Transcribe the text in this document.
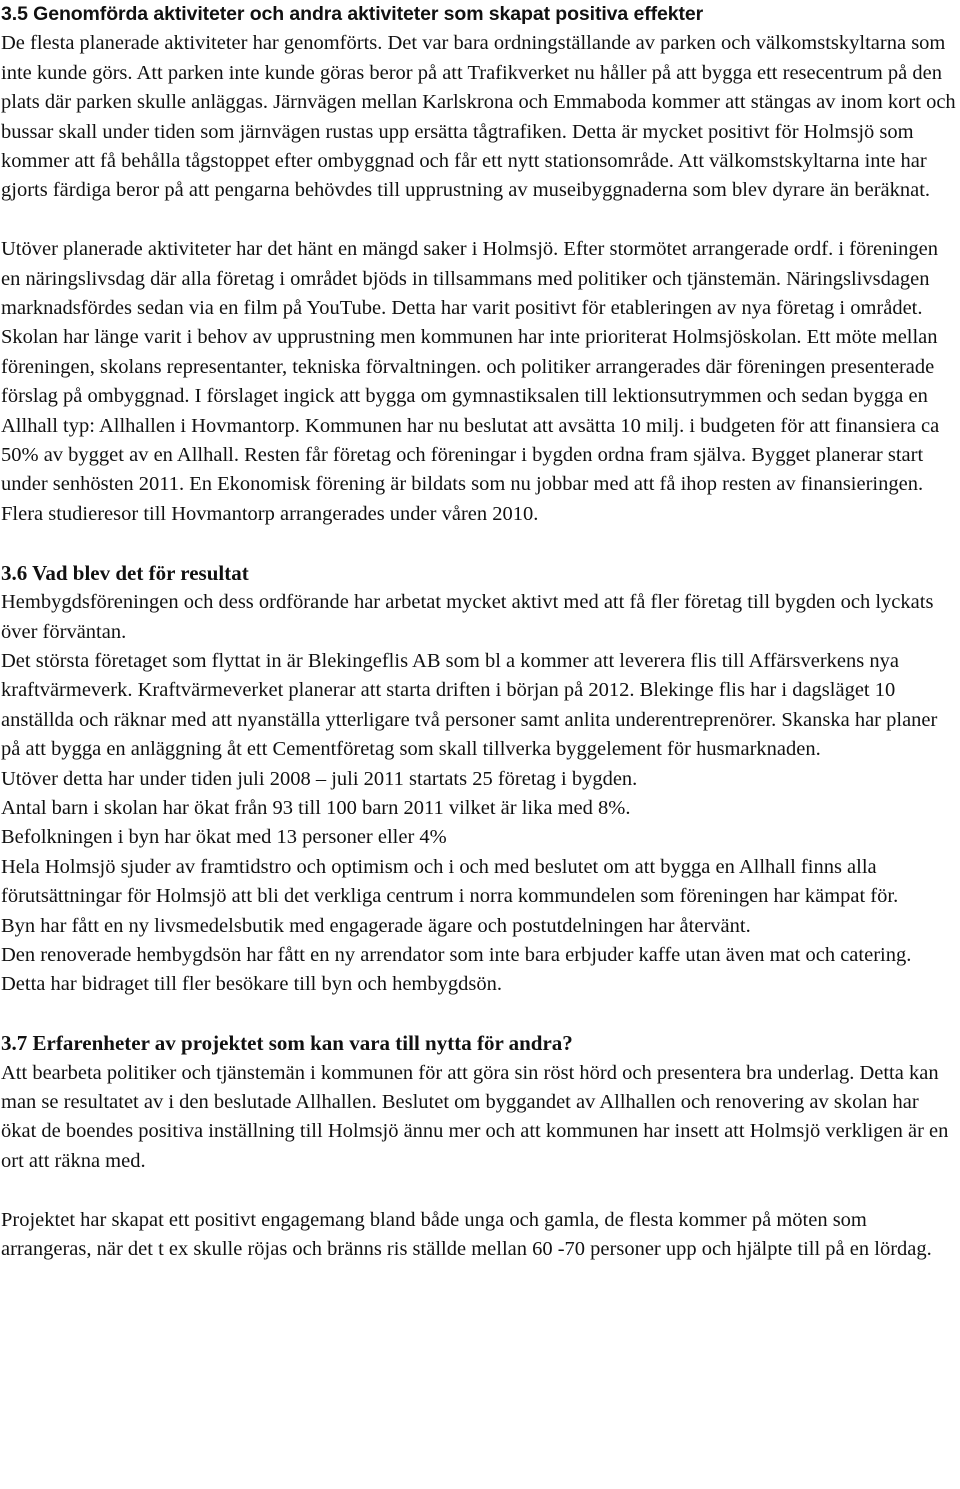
3.5 Genomförda aktiviteter och andra aktiviteter som skapat positiva effekter

De flesta planerade aktiviteter har genomförts. Det var bara ordningställande av parken och välkomstskyltarna som inte kunde görs. Att parken inte kunde göras beror på att Trafikverket nu håller på att bygga ett resecentrum på den plats där parken skulle anläggas. Järnvägen mellan Karlskrona och Emmaboda kommer att stängas av inom kort och bussar skall under tiden som järnvägen rustas upp ersätta tågtrafiken. Detta är mycket positivt för Holmsjö som kommer att få behålla tågstoppet efter ombyggnad och får ett nytt stationsområde. Att välkomstskyltarna inte har gjorts färdiga beror på att pengarna behövdes till upprustning av museibyggnaderna som blev dyrare än beräknat.

Utöver planerade aktiviteter har det hänt en mängd saker i Holmsjö. Efter stormötet arrangerade ordf. i föreningen en näringslivsdag där alla företag i området bjöds in tillsammans med politiker och tjänstemän. Näringslivsdagen marknadsfördes sedan via en film på YouTube. Detta har varit positivt för etableringen av nya företag i området. Skolan har länge varit i behov av upprustning men kommunen har inte prioriterat Holmsjöskolan. Ett möte mellan föreningen, skolans representanter, tekniska förvaltningen. och politiker arrangerades där föreningen presenterade förslag på ombyggnad. I förslaget ingick att bygga om gymnastiksalen till lektionsutrymmen och sedan bygga en Allhall typ: Allhallen i Hovmantorp. Kommunen har nu beslutat att avsätta 10 milj. i budgeten för att finansiera ca 50% av bygget av en Allhall. Resten får företag och föreningar i bygden ordna fram själva. Bygget planerar start under senhösten 2011. En Ekonomisk förening är bildats som nu jobbar med att få ihop resten av finansieringen. Flera studieresor till Hovmantorp arrangerades under våren 2010.

3.6 Vad blev det för resultat

Hembygdsföreningen och dess ordförande har arbetat mycket aktivt med att få fler företag till bygden och lyckats över förväntan.

Det största företaget som flyttat in är Blekingeflis AB som bl a kommer att leverera flis till Affärsverkens nya kraftvärmeverk. Kraftvärmeverket planerar att starta driften i början på 2012. Blekinge flis har i dagsläget 10 anställda och räknar med att nyanställa ytterligare två personer samt anlita underentreprenörer. Skanska har planer på att bygga en anläggning åt ett Cementföretag som skall tillverka byggelement för husmarknaden.

Utöver detta har under tiden juli 2008 – juli 2011 startats 25 företag i bygden.

Antal barn i skolan har ökat från 93 till 100 barn 2011 vilket är lika med 8%.

Befolkningen i byn har ökat med 13 personer eller 4%

Hela Holmsjö sjuder av framtidstro och optimism och i och med beslutet om att bygga en Allhall finns alla förutsättningar för Holmsjö att bli det verkliga centrum i norra kommundelen som föreningen har kämpat för.

Byn har fått en ny livsmedelsbutik med engagerade ägare och postutdelningen har återvänt.

Den renoverade hembygdsön har fått en ny arrendator som inte bara erbjuder kaffe utan även mat och catering. Detta har bidraget till fler besökare till byn och hembygdsön.

3.7 Erfarenheter av projektet som kan vara till nytta för andra?

Att bearbeta politiker och tjänstemän i kommunen för att göra sin röst hörd och presentera bra underlag. Detta kan man se resultatet av i den beslutade Allhallen. Beslutet om byggandet av Allhallen och renovering av skolan har ökat de boendes positiva inställning till Holmsjö ännu mer och att kommunen har insett att Holmsjö verkligen är en ort att räkna med.

Projektet har skapat ett positivt engagemang bland både unga och gamla, de flesta kommer på möten som arrangeras, när det t ex skulle röjas och bränns ris ställde mellan 60 -70 personer upp och hjälpte till på en lördag.
